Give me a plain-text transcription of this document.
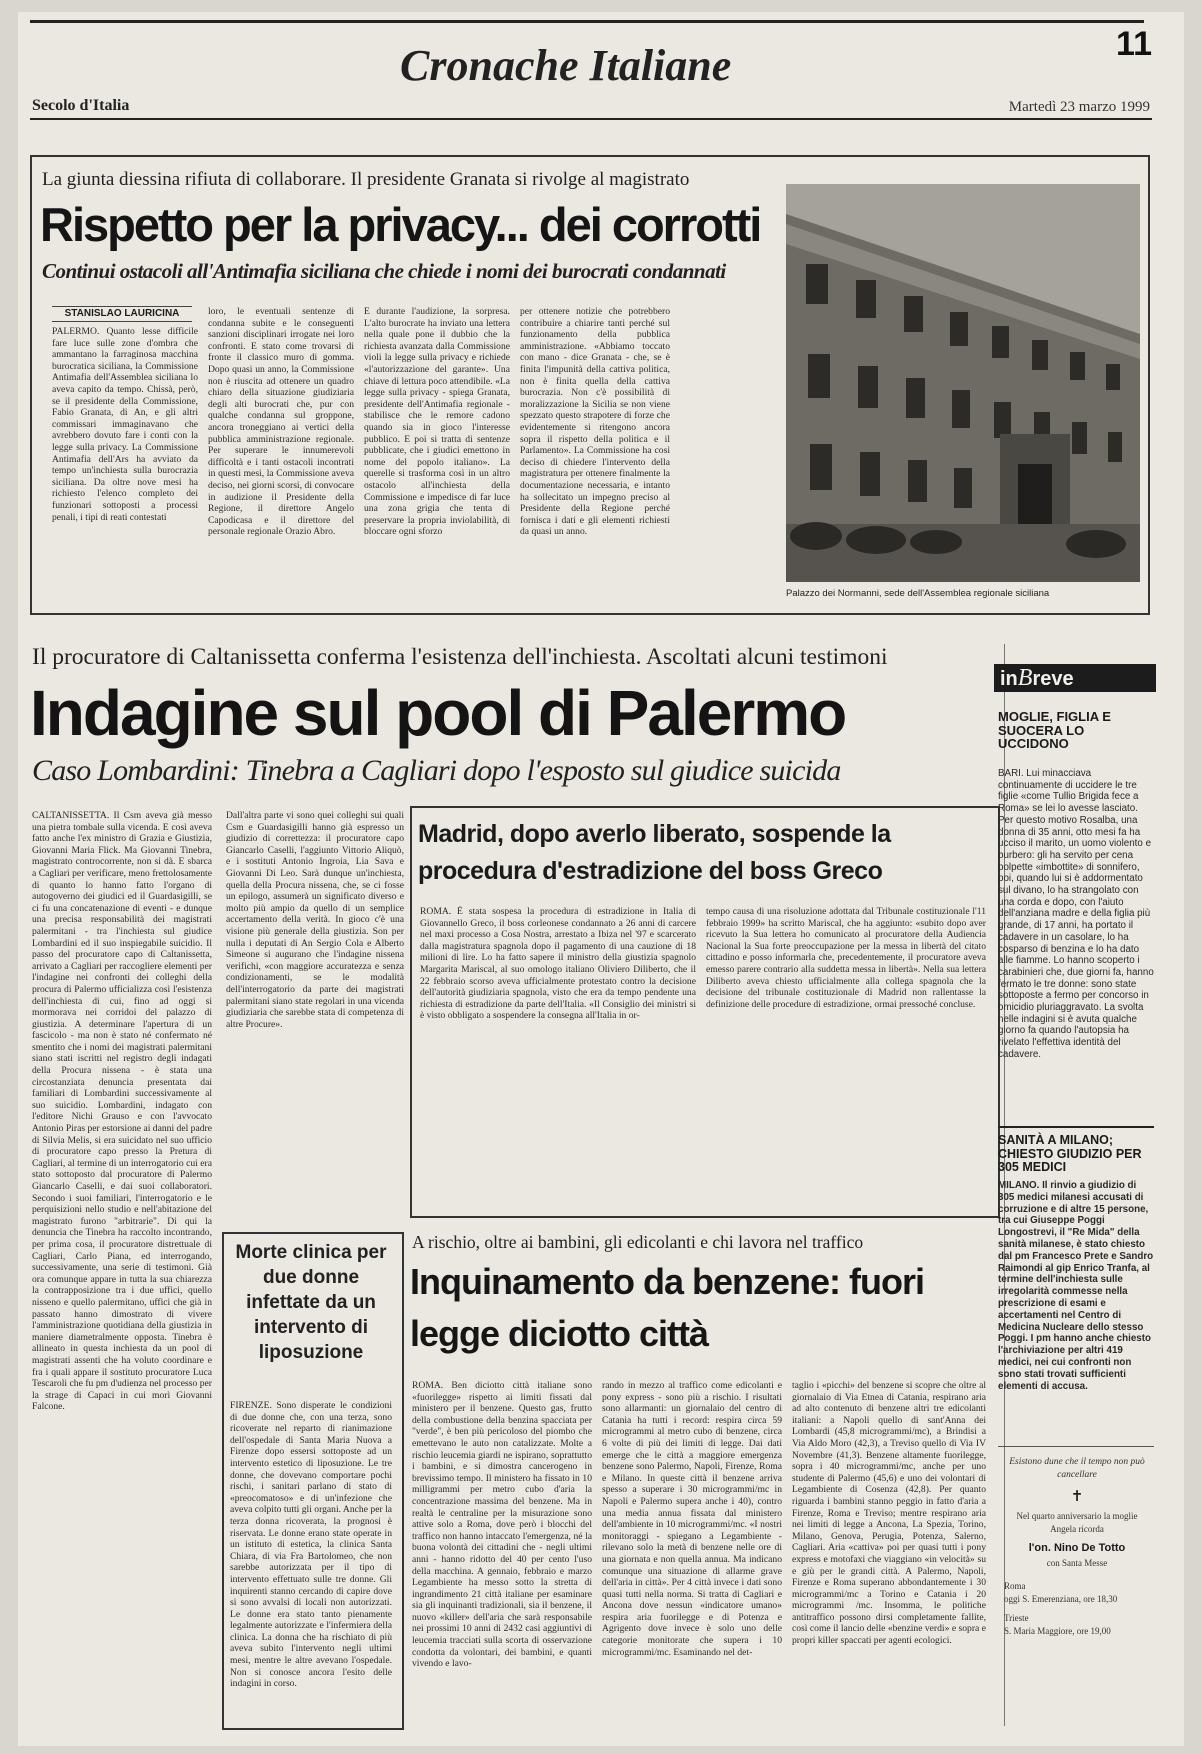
Cronache Italiane	11
Secolo d'Italia	Martedì 23 marzo 1999
La giunta diessina rifiuta di collaborare. Il presidente Granata si rivolge al magistrato
Rispetto per la privacy... dei corrotti
Continui ostacoli all'Antimafia siciliana che chiede i nomi dei burocrati condannati
STANISLAO LAURICINA
PALERMO. Quanto lesse difficile fare luce sulle zone d'ombra che ammantano la farraginosa macchina burocratica siciliana, la Commissione Antimafia dell'Assemblea siciliana lo aveva capito da tempo. Chissà, però, se il presidente della Commissione, Fabio Granata, di An, e gli altri commissari immaginavano che avrebbero dovuto fare i conti con la legge sulla privacy. La Commissione Antimafia dell'Ars ha avviato da tempo un'inchiesta sulla burocrazia siciliana. Da oltre nove mesi ha richiesto l'elenco completo dei funzionari sottoposti a processi penali, i tipi di reati contestati
loro, le eventuali sentenze di condanna subite e le conseguenti sanzioni disciplinari irrogate nei loro confronti. E stato come trovarsi di fronte il classico muro di gomma. Dopo quasi un anno, la Commissione non è riuscita ad ottenere un quadro chiaro della situazione giudiziaria degli alti burocrati che, pur con qualche condanna sul groppone, ancora troneggiano ai vertici della pubblica amministrazione regionale. Per superare le innumerevoli difficoltà e i tanti ostacoli incontrati in questi mesi, la Commissione aveva deciso, nei giorni scorsi, di convocare in audizione il Presidente della Regione, il direttore Angelo Capodicasa e il direttore del personale regionale Orazio Abro.
E durante l'audizione, la sorpresa. L'alto burocrate ha inviato una lettera nella quale pone il dubbio che la richiesta avanzata dalla Commissione violi la legge sulla privacy e richiede «l'autorizzazione del garante». Una chiave di lettura poco attendibile. «La legge sulla privacy - spiega Granata, presidente dell'Antimafia regionale - stabilisce che le remore cadono quando sia in gioco l'interesse pubblico. E poi si tratta di sentenze pubblicate, che i giudici emettono in nome del popolo italiano». La querelle si trasforma così in un altro ostacolo all'inchiesta della Commissione e impedisce di far luce una zona grigia che tenta di preservare la propria inviolabilità, di bloccare ogni sforzo
per ottenere notizie che potrebbero contribuire a chiarire tanti perché sul funzionamento della pubblica amministrazione. «Abbiamo toccato con mano - dice Granata - che, se è finita l'impunità della cattiva politica, non è finita quella della cattiva burocrazia. Non c'è possibilità di moralizzazione la Sicilia se non viene spezzato questo strapotere di forze che evidentemente si ritengono ancora sopra il rispetto della politica e il Parlamento». La Commissione ha così deciso di chiedere l'intervento della magistratura per ottenere finalmente la documentazione necessaria, e intanto ha sollecitato un impegno preciso al Presidente della Regione perché fornisca i dati e gli elementi richiesti da quasi un anno.
Palazzo dei Normanni, sede dell'Assemblea regionale siciliana
Il procuratore di Caltanissetta conferma l'esistenza dell'inchiesta. Ascoltati alcuni testimoni
Indagine sul pool di Palermo
Caso Lombardini: Tinebra a Cagliari dopo l'esposto sul giudice suicida
CALTANISSETTA. Il Csm aveva già messo una pietra tombale sulla vicenda. E così aveva fatto anche l'ex ministro di Grazia e Giustizia, Giovanni Maria Flick. Ma Giovanni Tinebra, magistrato controcorrente, non si dà. E sbarca a Cagliari per verificare, meno frettolosamente di quanto lo hanno fatto l'organo di autogoverno dei giudici ed il Guardasigilli, se ci fu una concatenazione di eventi - e dunque una precisa responsabilità dei magistrati palermitani - tra l'inchiesta sul giudice Lombardini ed il suo inspiegabile suicidio. Il passo del procuratore capo di Caltanissetta, arrivato a Cagliari per raccogliere elementi per l'indagine nei confronti dei colleghi della procura di Palermo ufficializza così l'esistenza dell'inchiesta di cui, fino ad oggi si mormorava nei corridoi del palazzo di giustizia. A determinare l'apertura di un fascicolo - ma non è stato né confermato né smentito che i nomi dei magistrati palermitani siano stati iscritti nel registro degli indagati della Procura nissena - è stata una circostanziata denuncia presentata dai familiari di Lombardini successivamente al suo suicidio. Lombardini, indagato con l'editore Nichi Grauso e con l'avvocato Antonio Piras per estorsione ai danni del padre di Silvia Melis, si era suicidato nel suo ufficio di procuratore capo presso la Pretura di Cagliari, al termine di un interrogatorio cui era stato sottoposto dal procuratore di Palermo Giancarlo Caselli, e dai suoi collaboratori. Secondo i suoi familiari, l'interrogatorio e le perquisizioni nello studio e nell'abitazione del magistrato furono "arbitrarie". Di qui la denuncia che Tinebra ha raccolto incontrando, per prima cosa, il procuratore distrettuale di Cagliari, Carlo Piana, ed interrogando, successivamente, una serie di testimoni. Già ora comunque appare in tutta la sua chiarezza la contrapposizione tra i due uffici, quello nisseno e quello palermitano, uffici che già in passato hanno dimostrato di vivere l'amministrazione quotidiana della giustizia in maniere diametralmente opposta. Tinebra è allineato in questa inchiesta da un pool di magistrati assenti che ha voluto coordinare e fra i quali appare il sostituto procuratore Luca Tescaroli che fu pm d'udienza nel processo per la strage di Capaci in cui morì Giovanni Falcone.
Dall'altra parte vi sono quei colleghi sui quali Csm e Guardasigilli hanno già espresso un giudizio di correttezza: il procuratore capo Giancarlo Caselli, l'aggiunto Vittorio Aliquò, e i sostituti Antonio Ingroia, Lia Sava e Giovanni Di Leo. Sarà dunque un'inchiesta, quella della Procura nissena, che, se ci fosse un epilogo, assumerà un significato diverso e molto più ampio da quello di un semplice accertamento della verità. In gioco c'è una visione più generale della giustizia. Son per nulla i deputati di An Sergio Cola e Alberto Simeone si augurano che l'indagine nissena verifichi, «con maggiore accuratezza e senza condizionamenti, se le modalità dell'interrogatorio da parte dei magistrati palermitani siano state regolari in una vicenda giudiziaria che sarebbe stata di competenza di altre Procure».
Madrid, dopo averlo liberato, sospende la procedura d'estradizione del boss Greco
ROMA. È stata sospesa la procedura di estradizione in Italia di Giovannello Greco, il boss corleonese condannato a 26 anni di carcere nel maxi processo a Cosa Nostra, arrestato a Ibiza nel '97 e scarcerato dalla magistratura spagnola dopo il pagamento di una cauzione di 18 milioni di lire. Lo ha fatto sapere il ministro della giustizia spagnolo Margarita Mariscal, al suo omologo italiano Oliviero Diliberto, che il 22 febbraio scorso aveva ufficialmente protestato contro la decisione dell'autorità giudiziaria spagnola, visto che era da tempo pendente una richiesta di estradizione da parte dell'Italia. «Il Consiglio dei ministri si è visto obbligato a sospendere la consegna all'Italia in or-
tempo causa di una risoluzione adottata dal Tribunale costituzionale l'11 febbraio 1999» ha scritto Mariscal, che ha aggiunto: «subito dopo aver ricevuto la Sua lettera ho comunicato al procuratore della Audiencia Nacional la Sua forte preoccupazione per la messa in libertà del citato cittadino e posso informarla che, precedentemente, il procuratore aveva emesso parere contrario alla suddetta messa in libertà». Nella sua lettera Diliberto aveva chiesto ufficialmente alla collega spagnola che la decisione del tribunale costituzionale di Madrid non rallentasse la definizione delle procedure di estradizione, ormai pressoché concluse.
Morte clinica per due donne infettate da un intervento di liposuzione
FIRENZE. Sono disperate le condizioni di due donne che, con una terza, sono ricoverate nel reparto di rianimazione dell'ospedale di Santa Maria Nuova a Firenze dopo essersi sottoposte ad un intervento estetico di liposuzione. Le tre donne, che dovevano comportare pochi rischi, i sanitari parlano di stato di «preocomatoso» e di un'infezione che aveva colpito tutti gli organi. Anche per la terza donna ricoverata, la prognosi è riservata. Le donne erano state operate in un istituto di estetica, la clinica Santa Chiara, di via Fra Bartolomeo, che non sarebbe autorizzata per il tipo di intervento effettuato sulle tre donne. Gli inquirenti stanno cercando di capire dove si sono avvalsi di locali non autorizzati. Le donne era stato tanto pienamente legalmente autorizzate e l'infermiera della clinica. La donna che ha rischiato di più aveva subito l'intervento negli ultimi mesi, mentre le altre avevano l'ospedale. Non si conosce ancora l'esito delle indagini in corso.
A rischio, oltre ai bambini, gli edicolanti e chi lavora nel traffico
Inquinamento da benzene: fuori legge diciotto città
ROMA. Ben diciotto città italiane sono «fuorilegge» rispetto ai limiti fissati dal ministero per il benzene. Questo gas, frutto della combustione della benzina spacciata per "verde", è ben più pericoloso del piombo che emettevano le auto non catalizzate. Molte a rischio leucemia giardi ne ispirano, soprattutto i bambini, e si dimostra cancerogeno in brevissimo tempo. Il ministero ha fissato in 10 milligrammi per metro cubo d'aria la concentrazione massima del benzene. Ma in realtà le centraline per la misurazione sono attive solo a Roma, dove però i blocchi del traffico non hanno intaccato l'emergenza, né la buona volontà dei cittadini che - negli ultimi anni - hanno ridotto del 40 per cento l'uso della macchina. A gennaio, febbraio e marzo Legambiente ha messo sotto la stretta di ingrandimento 21 città italiane per esaminare sia gli inquinanti tradizionali, sia il benzene, il nuovo «killer» dell'aria che sarà responsabile nei prossimi 10 anni di 2432 casi aggiuntivi di leucemia tracciati sulla scorta di osservazione condotta da volontari, dei bambini, e quanti vivendo e lavo-
rando in mezzo al traffico come edicolanti e pony express - sono più a rischio. I risultati sono allarmanti: un giornalaio del centro di Catania ha tutti i record: respira circa 59 microgrammi al metro cubo di benzene, circa 6 volte di più dei limiti di legge. Dai dati emerge che le città a maggiore emergenza benzene sono Palermo, Napoli, Firenze, Roma e Milano. In queste città il benzene arriva spesso a superare i 30 microgrammi/mc in Napoli e Palermo supera anche i 40), contro una media annua fissata dal ministero dell'ambiente in 10 microgrammi/mc. «I nostri monitoraggi - spiegano a Legambiente - rilevano solo la metà di benzene nelle ore di una giornata e non quella annua. Ma indicano comunque una situazione di allarme grave dell'aria in città». Per 4 città invece i dati sono quasi tutti nella norma. Si tratta di Cagliari e Ancona dove nessun «indicatore umano» respira aria fuorilegge e di Potenza e Agrigento dove invece è solo uno delle categorie monitorate che supera i 10 microgrammi/mc. Esaminando nel det-
taglio i «picchi» del benzene si scopre che oltre al giornalaio di Via Etnea di Catania, respirano aria ad alto contenuto di benzene altri tre edicolanti italiani: a Napoli quello di sant'Anna dei Lombardi (45,8 microgrammi/mc), a Brindisi a Via Aldo Moro (42,3), a Treviso quello di Via IV Novembre (41,3). Benzene altamente fuorilegge, sopra i 40 microgrammi/mc, anche per uno studente di Palermo (45,6) e uno dei volontari di Legambiente di Cosenza (42,8). Per quanto riguarda i bambini stanno peggio in fatto d'aria a Firenze, Roma e Treviso; mentre respirano aria nei limiti di legge a Ancona, La Spezia, Torino, Milano, Genova, Perugia, Potenza, Salerno, Cagliari. Aria «cattiva» poi per quasi tutti i pony express e motofaxi che viaggiano «in velocità» su e giù per le grandi città. A Palermo, Napoli, Firenze e Roma superano abbondantemente i 30 microgrammi/mc a Torino e Catania i 20 microgrammi /mc. Insomma, le politiche antitraffico possono dirsi completamente fallite, così come il lancio delle «benzine verdi» e sopra e propri killer spaccati per agenti ecologici.
inBreve
MOGLIE, FIGLIA E SUOCERA LO UCCIDONO
BARI. Lui minacciava continuamente di uccidere le tre figlie «come Tullio Brigida fece a Roma» se lei lo avesse lasciato. Per questo motivo Rosalba, una donna di 35 anni, otto mesi fa ha ucciso il marito, un uomo violento e burbero: gli ha servito per cena polpette «imbottite» di sonnifero, poi, quando lui si è addormentato sul divano, lo ha strangolato con una corda e dopo, con l'aiuto dell'anziana madre e della figlia più grande, di 17 anni, ha portato il cadavere in un casolare, lo ha cosparso di benzina e lo ha dato alle fiamme. Lo hanno scoperto i carabinieri che, due giorni fa, hanno fermato le tre donne: sono state sottoposte a fermo per concorso in omicidio pluriaggravato. La svolta nelle indagini si è avuta qualche giorno fa quando l'autopsia ha rivelato l'effettiva identità del cadavere.
SANITÀ A MILANO; CHIESTO GIUDIZIO PER 305 MEDICI
MILANO. Il rinvio a giudizio di 305 medici milanesi accusati di corruzione e di altre 15 persone, tra cui Giuseppe Poggi Longostrevi, il "Re Mida" della sanità milanese, è stato chiesto dal pm Francesco Prete e Sandro Raimondi al gip Enrico Tranfa, al termine dell'inchiesta sulle irregolarità commesse nella prescrizione di esami e accertamenti nel Centro di Medicina Nucleare dello stesso Poggi. I pm hanno anche chiesto l'archiviazione per altri 419 medici, nei cui confronti non sono stati trovati sufficienti elementi di accusa.
Esistono dune che il tempo non può cancellare
✝
Nel quarto anniversario la moglie Angela ricorda
l'on. Nino De Totto
con Santa Messe
Roma
oggi S. Emerenziana, ore 18,30
Trieste
S. Maria Maggiore, ore 19,00
